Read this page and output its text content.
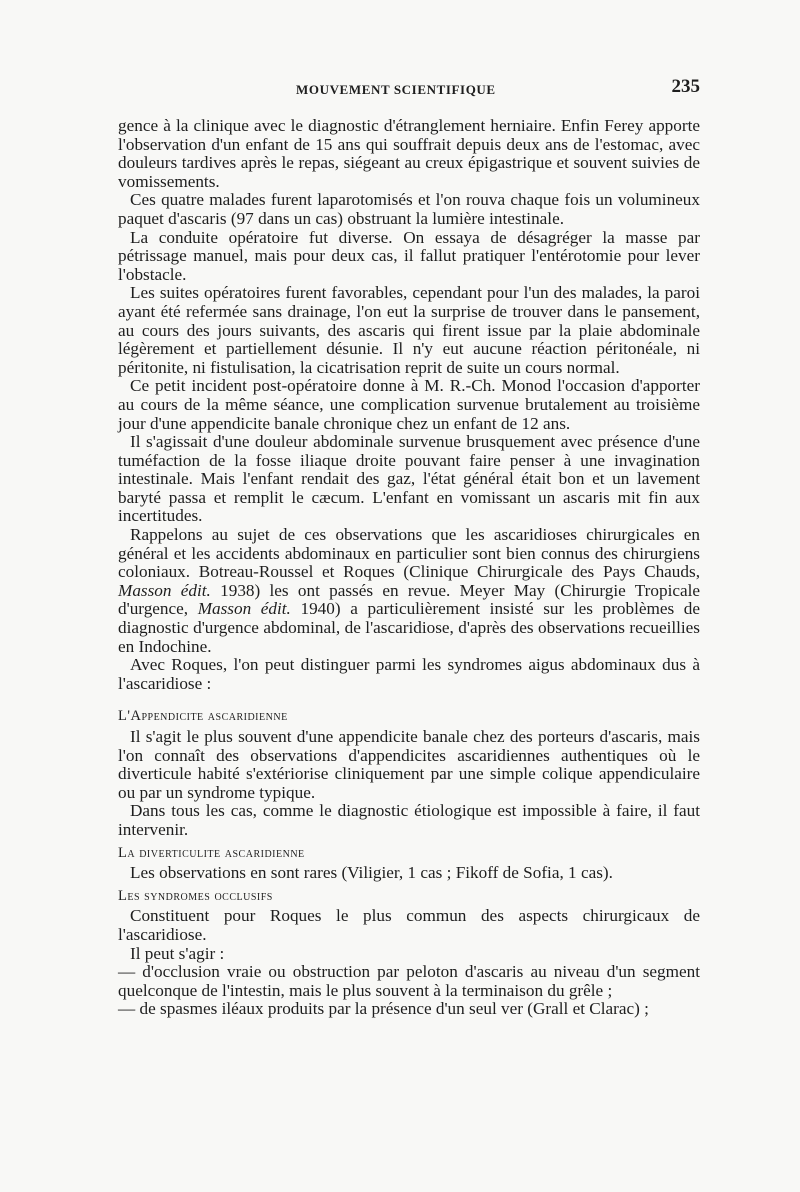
MOUVEMENT SCIENTIFIQUE	235

gence à la clinique avec le diagnostic d'étranglement herniaire. Enfin Ferey apporte l'observation d'un enfant de 15 ans qui souffrait depuis deux ans de l'estomac, avec douleurs tardives après le repas, siégeant au creux épigastrique et souvent suivies de vomissements.

Ces quatre malades furent laparotomisés et l'on rouva chaque fois un volumineux paquet d'ascaris (97 dans un cas) obstruant la lumière intestinale.

La conduite opératoire fut diverse. On essaya de désagréger la masse par pétrissage manuel, mais pour deux cas, il fallut pratiquer l'entérotomie pour lever l'obstacle.

Les suites opératoires furent favorables, cependant pour l'un des malades, la paroi ayant été refermée sans drainage, l'on eut la surprise de trouver dans le pansement, au cours des jours suivants, des ascaris qui firent issue par la plaie abdominale légèrement et partiellement désunie. Il n'y eut aucune réaction péritonéale, ni péritonite, ni fistulisation, la cicatrisation reprit de suite un cours normal.

Ce petit incident post-opératoire donne à M. R.-Ch. Monod l'occasion d'apporter au cours de la même séance, une complication survenue brutalement au troisième jour d'une appendicite banale chronique chez un enfant de 12 ans.

Il s'agissait d'une douleur abdominale survenue brusquement avec présence d'une tuméfaction de la fosse iliaque droite pouvant faire penser à une invagination intestinale. Mais l'enfant rendait des gaz, l'état général était bon et un lavement baryté passa et remplit le cæcum. L'enfant en vomissant un ascaris mit fin aux incertitudes.

Rappelons au sujet de ces observations que les ascaridioses chirurgicales en général et les accidents abdominaux en particulier sont bien connus des chirurgiens coloniaux. Botreau-Roussel et Roques (Clinique Chirurgicale des Pays Chauds, Masson édit. 1938) les ont passés en revue. Meyer May (Chirurgie Tropicale d'urgence, Masson édit. 1940) a particulièrement insisté sur les problèmes de diagnostic d'urgence abdominal, de l'ascaridiose, d'après des observations recueillies en Indochine.

Avec Roques, l'on peut distinguer parmi les syndromes aigus abdominaux dus à l'ascaridiose :

L'Appendicite ascaridienne

Il s'agit le plus souvent d'une appendicite banale chez des porteurs d'ascaris, mais l'on connaît des observations d'appendicites ascaridiennes authentiques où le diverticule habité s'extériorise cliniquement par une simple colique appendiculaire ou par un syndrome typique.

Dans tous les cas, comme le diagnostic étiologique est impossible à faire, il faut intervenir.

La diverticulite ascaridienne

Les observations en sont rares (Viligier, 1 cas ; Fikoff de Sofia, 1 cas).

Les syndromes occlusifs

Constituent pour Roques le plus commun des aspects chirurgicaux de l'ascaridiose.

Il peut s'agir :

— d'occlusion vraie ou obstruction par peloton d'ascaris au niveau d'un segment quelconque de l'intestin, mais le plus souvent à la terminaison du grêle ;

— de spasmes iléaux produits par la présence d'un seul ver (Grall et Clarac) ;
